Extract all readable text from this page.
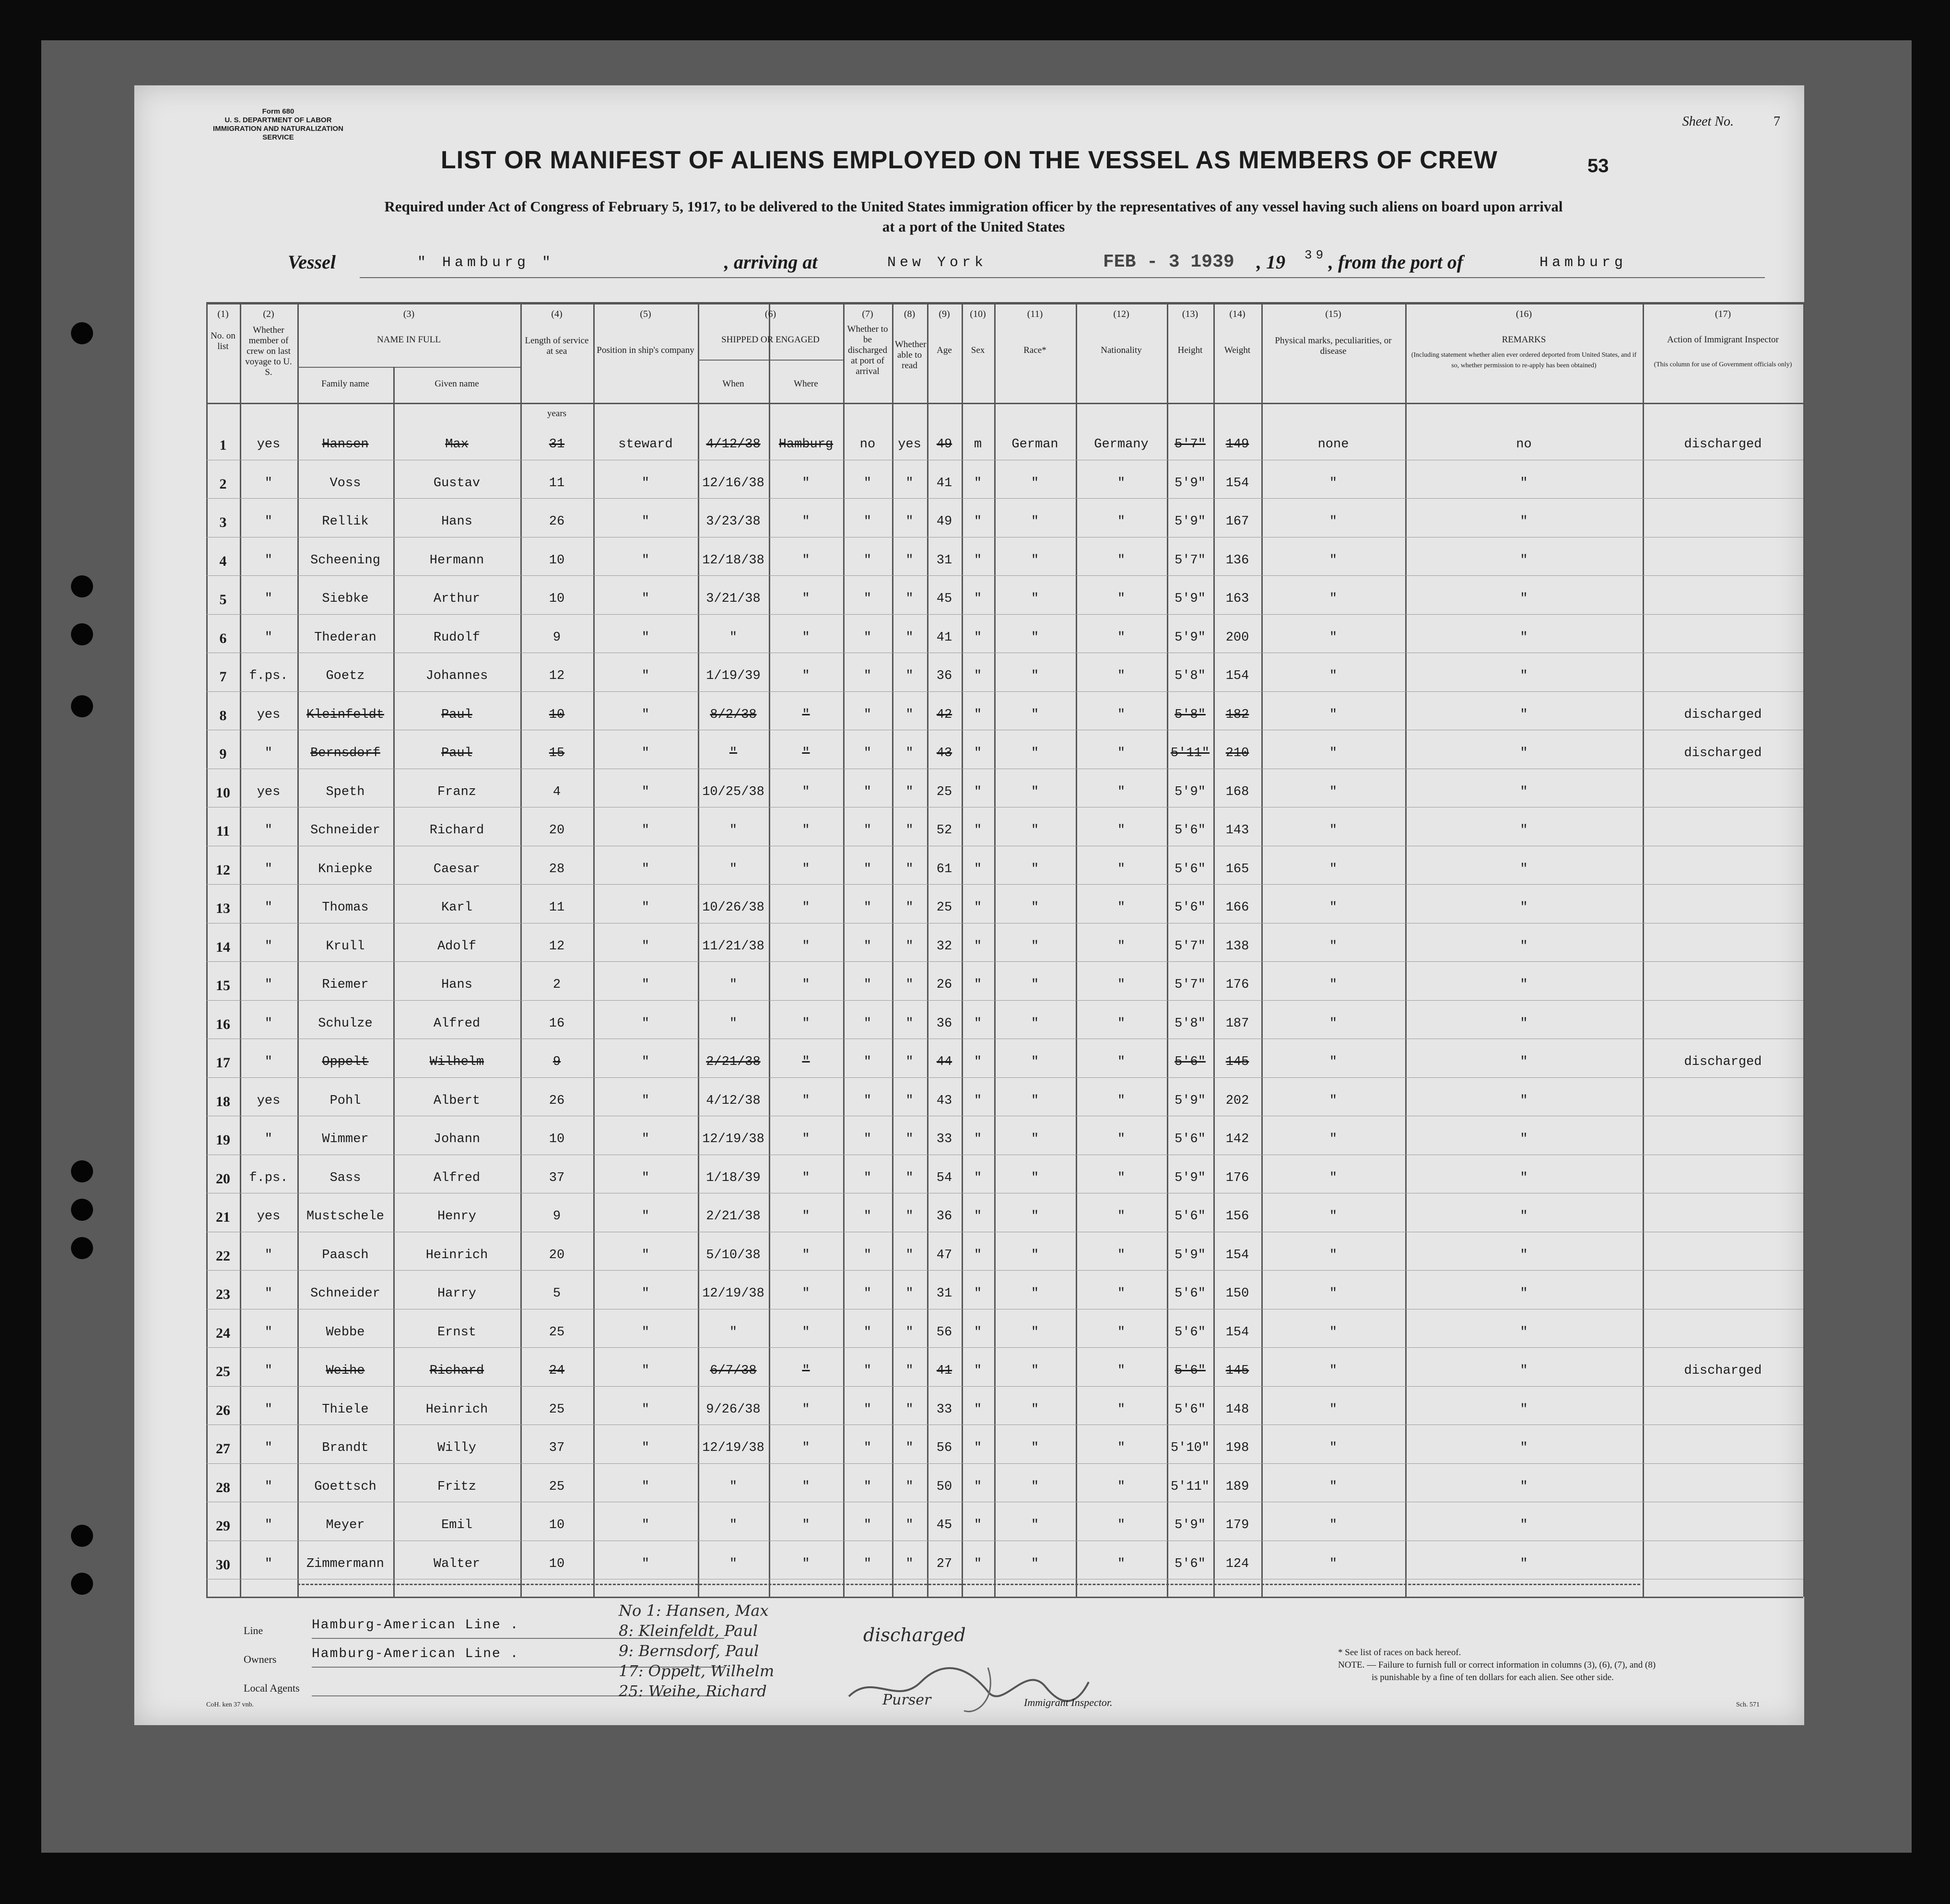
Form 680
U. S. DEPARTMENT OF LABOR
IMMIGRATION AND NATURALIZATION SERVICE
Sheet No.	7
LIST OR MANIFEST OF ALIENS EMPLOYED ON THE VESSEL AS MEMBERS OF CREW	53
Required under Act of Congress of February 5, 1917, to be delivered to the United States immigration officer by the representatives of any vessel having such aliens on board upon arrival
at a port of the United States
Vessel	" Hamburg "	, arriving at	New York	FEB - 3 1939 , 19 39 , from the port of	Hamburg
(1)
No. on list
(2)
Whether member of crew on last voyage to U. S.
(3)
NAME IN FULL
(4)
Length of service at sea
(5)
Position in ship's company
(6)
SHIPPED OR ENGAGED
(7)
Whether to be discharged at port of arrival
(8)
Whether able to read
(9)
Age
(10)
Sex
(11)
Race*
(12)
Nationality
(13)
Height
(14)
Weight
(15)
Physical marks, peculiarities, or disease
(16)
REMARKS
(17)
Action of Immigrant Inspector
Family name	Given name	When	Where
(Including statement whether alien ever ordered deported from United States, and if so, whether permission to re-apply has been obtained)	(This column for use of Government officials only)
years
1	yes	Hansen	Max	31	steward	4/12/38	Hamburg	no	yes	49	m	German	Germany	5'7"	149	none	no	discharged
2	"	Voss	Gustav	11	"	12/16/38	"	"	"	41	"	"	"	5'9"	154	"	"
3	"	Rellik	Hans	26	"	3/23/38	"	"	"	49	"	"	"	5'9"	167	"	"
4	"	Scheening	Hermann	10	"	12/18/38	"	"	"	31	"	"	"	5'7"	136	"	"
5	"	Siebke	Arthur	10	"	3/21/38	"	"	"	45	"	"	"	5'9"	163	"	"
6	"	Thederan	Rudolf	9	"	"	"	"	"	41	"	"	"	5'9"	200	"	"
7	f.ps.	Goetz	Johannes	12	"	1/19/39	"	"	"	36	"	"	"	5'8"	154	"	"
8	yes	Kleinfeldt	Paul	10	"	8/2/38	"	"	"	42	"	"	"	5'8"	182	"	"	discharged
9	"	Bernsdorf	Paul	15	"	"	"	"	"	43	"	"	"	5'11"	210	"	"	discharged
10	yes	Speth	Franz	4	"	10/25/38	"	"	"	25	"	"	"	5'9"	168	"	"
11	"	Schneider	Richard	20	"	"	"	"	"	52	"	"	"	5'6"	143	"	"
12	"	Kniepke	Caesar	28	"	"	"	"	"	61	"	"	"	5'6"	165	"	"
13	"	Thomas	Karl	11	"	10/26/38	"	"	"	25	"	"	"	5'6"	166	"	"
14	"	Krull	Adolf	12	"	11/21/38	"	"	"	32	"	"	"	5'7"	138	"	"
15	"	Riemer	Hans	2	"	"	"	"	"	26	"	"	"	5'7"	176	"	"
16	"	Schulze	Alfred	16	"	"	"	"	"	36	"	"	"	5'8"	187	"	"
17	"	Oppelt	Wilhelm	9	"	2/21/38	"	"	"	44	"	"	"	5'6"	145	"	"	discharged
18	yes	Pohl	Albert	26	"	4/12/38	"	"	"	43	"	"	"	5'9"	202	"	"
19	"	Wimmer	Johann	10	"	12/19/38	"	"	"	33	"	"	"	5'6"	142	"	"
20	f.ps.	Sass	Alfred	37	"	1/18/39	"	"	"	54	"	"	"	5'9"	176	"	"
21	yes	Mustschele	Henry	9	"	2/21/38	"	"	"	36	"	"	"	5'6"	156	"	"
22	"	Paasch	Heinrich	20	"	5/10/38	"	"	"	47	"	"	"	5'9"	154	"	"
23	"	Schneider	Harry	5	"	12/19/38	"	"	"	31	"	"	"	5'6"	150	"	"
24	"	Webbe	Ernst	25	"	"	"	"	"	56	"	"	"	5'6"	154	"	"
25	"	Weihe	Richard	24	"	6/7/38	"	"	"	41	"	"	"	5'6"	145	"	"	discharged
26	"	Thiele	Heinrich	25	"	9/26/38	"	"	"	33	"	"	"	5'6"	148	"	"
27	"	Brandt	Willy	37	"	12/19/38	"	"	"	56	"	"	"	5'10"	198	"	"
28	"	Goettsch	Fritz	25	"	"	"	"	"	50	"	"	"	5'11"	189	"	"
29	"	Meyer	Emil	10	"	"	"	"	"	45	"	"	"	5'9"	179	"	"
30	"	Zimmermann	Walter	10	"	"	"	"	"	27	"	"	"	5'6"	124	"	"
Line	Hamburg-American Line .
Owners	Hamburg-American Line .
Local Agents
No 1: Hansen, Max
8: Kleinfeldt, Paul
9: Bernsdorf, Paul
17: Oppelt, Wilhelm
25: Weihe, Richard
discharged
Purser	Immigrant Inspector.
* See list of races on back hereof.
NOTE. — Failure to furnish full or correct information in columns (3), (6), (7), and (8)
is punishable by a fine of ten dollars for each alien. See other side.
CoH. ken 37 vnb.	Sch. 571
